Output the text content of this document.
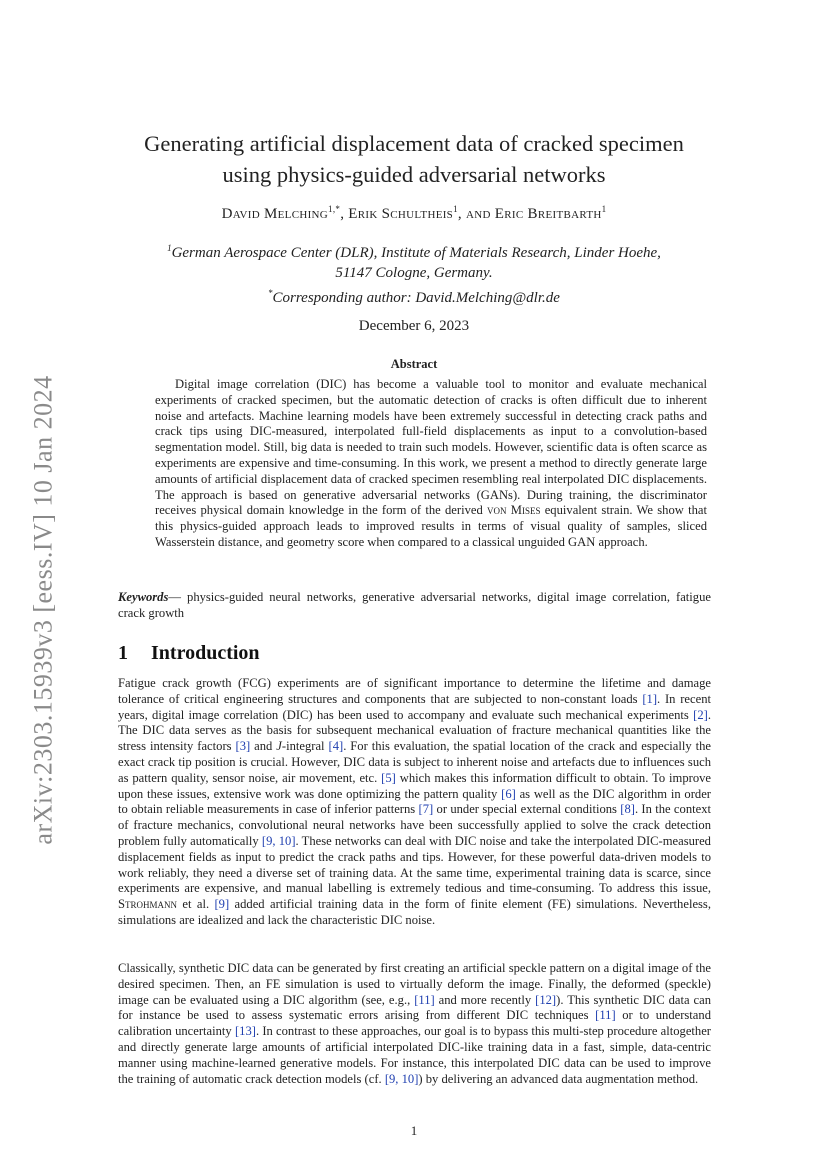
arXiv:2303.15939v3 [eess.IV] 10 Jan 2024
Generating artificial displacement data of cracked specimen
using physics-guided adversarial networks
David Melching$^{1,*}$, Erik Schultheis$^1$, and Eric Breitbarth$^1$
$^1$German Aerospace Center (DLR), Institute of Materials Research, Linder Hoehe,
51147 Cologne, Germany.
*Corresponding author: David.Melching@dlr.de
December 6, 2023
Abstract
Digital image correlation (DIC) has become a valuable tool to monitor and evaluate mechanical experiments of cracked specimen, but the automatic detection of cracks is often difficult due to inherent noise and artefacts. Machine learning models have been extremely successful in detecting crack paths and crack tips using DIC-measured, interpolated full-field displacements as input to a convolution-based segmentation model. Still, big data is needed to train such models. However, scientific data is often scarce as experiments are expensive and time-consuming. In this work, we present a method to directly generate large amounts of artificial displacement data of cracked specimen resembling real interpolated DIC displacements. The approach is based on generative adversarial networks (GANs). During training, the discriminator receives physical domain knowledge in the form of the derived von Mises equivalent strain. We show that this physics-guided approach leads to improved results in terms of visual quality of samples, sliced Wasserstein distance, and geometry score when compared to a classical unguided GAN approach.
Keywords— physics-guided neural networks, generative adversarial networks, digital image correlation, fatigue crack growth
1 Introduction
Fatigue crack growth (FCG) experiments are of significant importance to determine the lifetime and damage tolerance of critical engineering structures and components that are subjected to non-constant loads [1]. In recent years, digital image correlation (DIC) has been used to accompany and evaluate such mechanical experiments [2]. The DIC data serves as the basis for subsequent mechanical evaluation of fracture mechanical quantities like the stress intensity factors [3] and J-integral [4]. For this evaluation, the spatial location of the crack and especially the exact crack tip position is crucial. However, DIC data is subject to inherent noise and artefacts due to influences such as pattern quality, sensor noise, air movement, etc. [5] which makes this information difficult to obtain. To improve upon these issues, extensive work was done optimizing the pattern quality [6] as well as the DIC algorithm in order to obtain reliable measurements in case of inferior patterns [7] or under special external conditions [8]. In the context of fracture mechanics, convolutional neural networks have been successfully applied to solve the crack detection problem fully automatically [9, 10]. These networks can deal with DIC noise and take the interpolated DIC-measured displacement fields as input to predict the crack paths and tips. However, for these powerful data-driven models to work reliably, they need a diverse set of training data. At the same time, experimental training data is scarce, since experiments are expensive, and manual labelling is extremely tedious and time-consuming. To address this issue, Strohmann et al. [9] added artificial training data in the form of finite element (FE) simulations. Nevertheless, simulations are idealized and lack the characteristic DIC noise.
Classically, synthetic DIC data can be generated by first creating an artificial speckle pattern on a digital image of the desired specimen. Then, an FE simulation is used to virtually deform the image. Finally, the deformed (speckle) image can be evaluated using a DIC algorithm (see, e.g., [11] and more recently [12]). This synthetic DIC data can for instance be used to assess systematic errors arising from different DIC techniques [11] or to understand calibration uncertainty [13]. In contrast to these approaches, our goal is to bypass this multi-step procedure altogether and directly generate large amounts of artificial interpolated DIC-like training data in a fast, simple, data-centric manner using machine-learned generative models. For instance, this interpolated DIC data can be used to improve the training of automatic crack detection models (cf. [9, 10]) by delivering an advanced data augmentation method.
1
